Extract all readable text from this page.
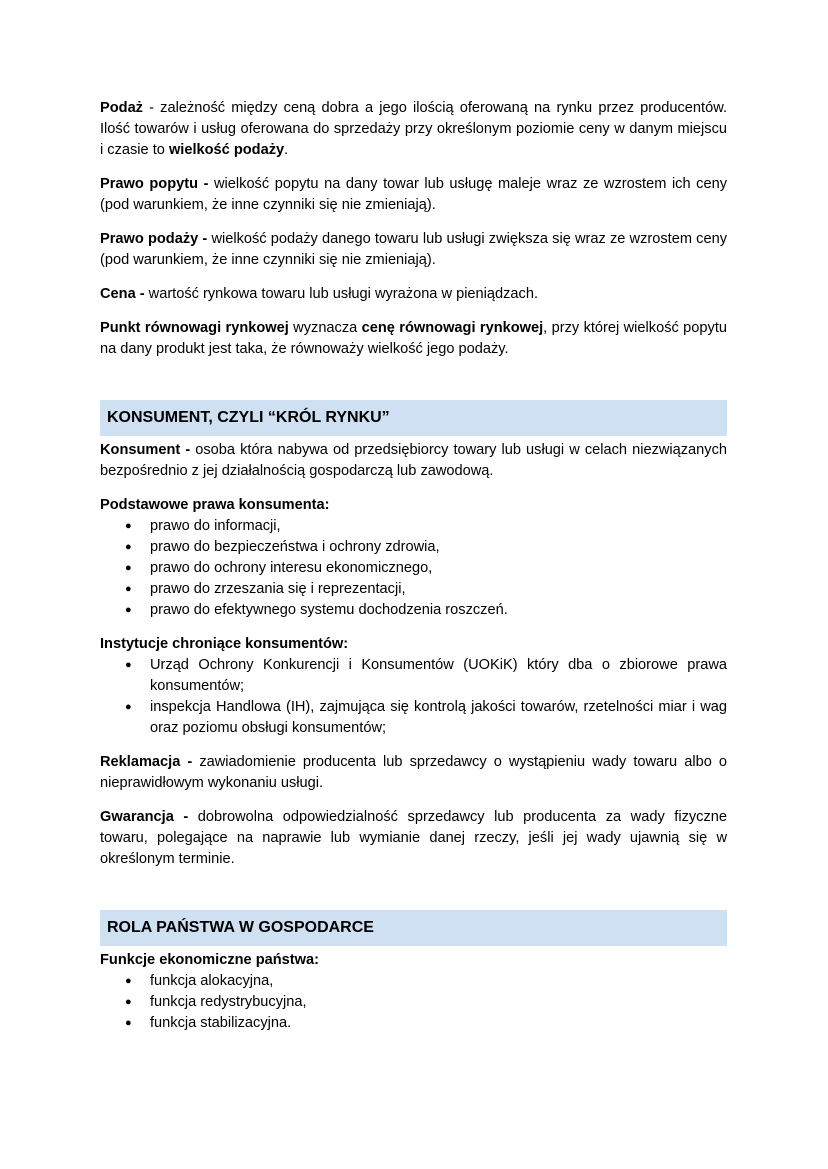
Podaż - zależność między ceną dobra a jego ilością oferowaną na rynku przez producentów. Ilość towarów i usług oferowana do sprzedaży przy określonym poziomie ceny w danym miejscu i czasie to wielkość podaży.

Prawo popytu - wielkość popytu na dany towar lub usługę maleje wraz ze wzrostem ich ceny (pod warunkiem, że inne czynniki się nie zmieniają).

Prawo podaży - wielkość podaży danego towaru lub usługi zwiększa się wraz ze wzrostem ceny (pod warunkiem, że inne czynniki się nie zmieniają).

Cena - wartość rynkowa towaru lub usługi wyrażona w pieniądzach.

Punkt równowagi rynkowej wyznacza cenę równowagi rynkowej, przy której wielkość popytu na dany produkt jest taka, że równoważy wielkość jego podaży.

KONSUMENT, CZYLI “KRÓL RYNKU”

Konsument - osoba która nabywa od przedsiębiorcy towary lub usługi w celach niezwiązanych bezpośrednio z jej działalnością gospodarczą lub zawodową.

Podstawowe prawa konsumenta:

● prawo do informacji,
● prawo do bezpieczeństwa i ochrony zdrowia,
● prawo do ochrony interesu ekonomicznego,
● prawo do zrzeszania się i reprezentacji,
● prawo do efektywnego systemu dochodzenia roszczeń.

Instytucje chroniące konsumentów:

● Urząd Ochrony Konkurencji i Konsumentów (UOKiK) który dba o zbiorowe prawa konsumentów;
● inspekcja Handlowa (IH), zajmująca się kontrolą jakości towarów, rzetelności miar i wag oraz poziomu obsługi konsumentów;

Reklamacja - zawiadomienie producenta lub sprzedawcy o wystąpieniu wady towaru albo o nieprawidłowym wykonaniu usługi.

Gwarancja - dobrowolna odpowiedzialność sprzedawcy lub producenta za wady fizyczne towaru, polegające na naprawie lub wymianie danej rzeczy, jeśli jej wady ujawnią się w określonym terminie.

ROLA PAŃSTWA W GOSPODARCE

Funkcje ekonomiczne państwa:

● funkcja alokacyjna,
● funkcja redystrybucyjna,
● funkcja stabilizacyjna.
